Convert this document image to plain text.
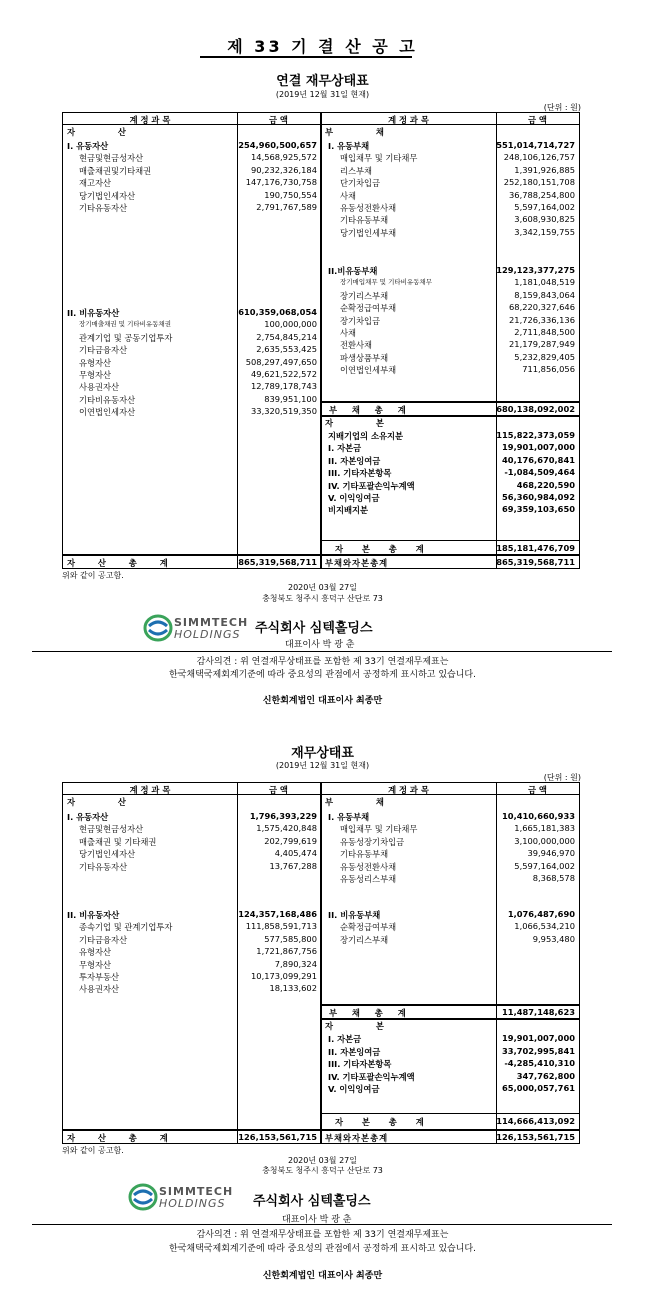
제 33 기 결 산 공 고
연결 재무상태표
(2019년 12월 31일 현재)
(단위 : 원)
계 정 과 목	금 액	계 정 과 목	금 액
자 산	부 채
I. 유동자산	254,960,500,657
현금및현금성자산	14,568,925,572
매출채권및기타채권	90,232,326,184
재고자산	147,176,730,758
당기법인세자산	190,750,554
기타유동자산	2,791,767,589
II. 비유동자산	610,359,068,054
장기매출채권 및 기타비유동채권	100,000,000
관계기업 및 공동기업투자	2,754,845,214
기타금융자산	2,635,553,425
유형자산	508,297,497,650
무형자산	49,621,522,572
사용권자산	12,789,178,743
기타비유동자산	839,951,100
이연법인세자산	33,320,519,350
I. 유동부채	551,014,714,727
매입채무 및 기타채무	248,106,126,757
리스부채	1,391,926,885
단기차입금	252,180,151,708
사채	36,788,254,800
유동성전환사채	5,597,164,002
기타유동부채	3,608,930,825
당기법인세부채	3,342,159,755
II.비유동부채	129,123,377,275
장기매입채무 및 기타비유동채무	1,181,048,519
장기리스부채	8,159,843,064
순확정급여부채	68,220,327,646
장기차입금	21,726,336,136
사채	2,711,848,500
전환사채	21,179,287,949
파생상품부채	5,232,829,405
이연법인세부채	711,856,056
부 채 총 계	680,138,092,002
자 본
지배기업의 소유지분	115,822,373,059
I. 자본금	19,901,007,000
II. 자본잉여금	40,176,670,841
III. 기타자본항목	-1,084,509,464
IV. 기타포괄손익누계액	468,220,590
V. 이익잉여금	56,360,984,092
비지배지분	69,359,103,650
자 본 총 계	185,181,476,709
자 산 총 계	865,319,568,711 부채와자본총계	865,319,568,711
재무상태표
(2019년 12월 31일 현재)
(단위 : 원)
계 정 과 목	금 액	계 정 과 목	금 액
자 산	부 채
I. 유동자산	1,796,393,229
현금및현금성자산	1,575,420,848
매출채권 및 기타채권	202,799,619
당기법인세자산	4,405,474
기타유동자산	13,767,288
II. 비유동자산	124,357,168,486
종속기업 및 관계기업투자	111,858,591,713
기타금융자산	577,585,800
유형자산	1,721,867,756
무형자산	7,890,324
투자부동산	10,173,099,291
사용권자산	18,133,602
I. 유동부채	10,410,660,933
매입채무 및 기타채무	1,665,181,383
유동성장기차입금	3,100,000,000
기타유동부채	39,946,970
유동성전환사채	5,597,164,002
유동성리스부채	8,368,578
II. 비유동부채	1,076,487,690
순확정급여부채	1,066,534,210
장기리스부채	9,953,480
부 채 총 계	11,487,148,623
자 본
I. 자본금	19,901,007,000
II. 자본잉여금	33,702,995,841
III. 기타자본항목	-4,285,410,310
IV. 기타포괄손익누계액	347,762,800
V. 이익잉여금	65,000,057,761
자 본 총 계	114,666,413,092
자 산 총 계	126,153,561,715 부채와자본총계	126,153,561,715
위와 같이 공고함.
2020년 03월 27일
충청북도 청주시 흥덕구 산단로 73
SIMMTECH
HOLDINGS 주식회사 심텍홀딩스
대표이사 박 광 춘
감사의견 : 위 연결재무상태표를 포함한 제 33기 연결재무제표는
한국채택국제회계기준에 따라 중요성의 관점에서 공정하게 표시하고 있습니다.
신한회계법인 대표이사 최종만
위와 같이 공고함.
2020년 03월 27일
충청북도 청주시 흥덕구 산단로 73
SIMMTECH
HOLDINGS 주식회사 심텍홀딩스
대표이사 박 광 춘
감사의견 : 위 연결재무상태표를 포함한 제 33기 연결재무제표는
한국채택국제회계기준에 따라 중요성의 관점에서 공정하게 표시하고 있습니다.
신한회계법인 대표이사 최종만
